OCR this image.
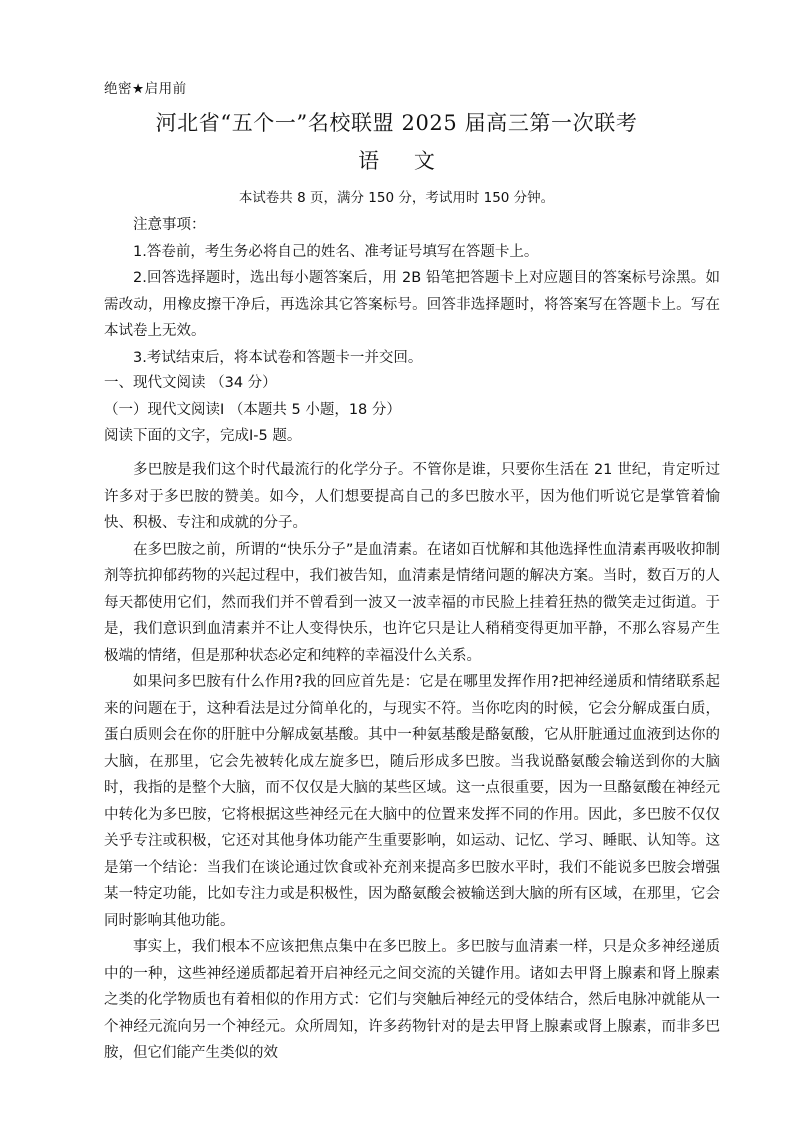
绝密★启用前
河北省“五个一”名校联盟 2025 届高三第一次联考
语 文
本试卷共 8 页，满分 150 分，考试用时 150 分钟。

注意事项：

1.答卷前，考生务必将自己的姓名、准考证号填写在答题卡上。

2.回答选择题时，选出每小题答案后，用 2B 铅笔把答题卡上对应题目的答案标号涂黑。如需改动，用橡皮擦干净后，再选涂其它答案标号。回答非选择题时，将答案写在答题卡上。写在本试卷上无效。

3.考试结束后，将本试卷和答题卡一并交回。

一、现代文阅读 （34 分）

（一）现代文阅读Ⅰ （本题共 5 小题，18 分）

阅读下面的文字，完成Ⅰ-5 题。

多巴胺是我们这个时代最流行的化学分子。不管你是谁，只要你生活在 21 世纪，肯定听过许多对于多巴胺的赞美。如今，人们想要提高自己的多巴胺水平，因为他们听说它是掌管着愉快、积极、专注和成就的分子。

在多巴胺之前，所谓的“快乐分子”是血清素。在诸如百忧解和其他选择性血清素再吸收抑制剂等抗抑郁药物的兴起过程中，我们被告知，血清素是情绪问题的解决方案。当时，数百万的人每天都使用它们，然而我们并不曾看到一波又一波幸福的市民脸上挂着狂热的微笑走过街道。于是，我们意识到血清素并不让人变得快乐，也许它只是让人稍稍变得更加平静，不那么容易产生极端的情绪，但是那种状态必定和纯粹的幸福没什么关系。

如果问多巴胺有什么作用?我的回应首先是：它是在哪里发挥作用?把神经递质和情绪联系起来的问题在于，这种看法是过分简单化的，与现实不符。当你吃肉的时候，它会分解成蛋白质，蛋白质则会在你的肝脏中分解成氨基酸。其中一种氨基酸是酪氨酸，它从肝脏通过血液到达你的大脑，在那里，它会先被转化成左旋多巴，随后形成多巴胺。当我说酪氨酸会输送到你的大脑时，我指的是整个大脑，而不仅仅是大脑的某些区域。这一点很重要，因为一旦酪氨酸在神经元中转化为多巴胺，它将根据这些神经元在大脑中的位置来发挥不同的作用。因此，多巴胺不仅仅关乎专注或积极，它还对其他身体功能产生重要影响，如运动、记忆、学习、睡眠、认知等。这是第一个结论：当我们在谈论通过饮食或补充剂来提高多巴胺水平时，我们不能说多巴胺会增强某一特定功能，比如专注力或是积极性，因为酪氨酸会被输送到大脑的所有区域，在那里，它会同时影响其他功能。

事实上，我们根本不应该把焦点集中在多巴胺上。多巴胺与血清素一样，只是众多神经递质中的一种，这些神经递质都起着开启神经元之间交流的关键作用。诸如去甲肾上腺素和肾上腺素之类的化学物质也有着相似的作用方式：它们与突触后神经元的受体结合，然后电脉冲就能从一个神经元流向另一个神经元。众所周知，许多药物针对的是去甲肾上腺素或肾上腺素，而非多巴胺，但它们能产生类似的效
